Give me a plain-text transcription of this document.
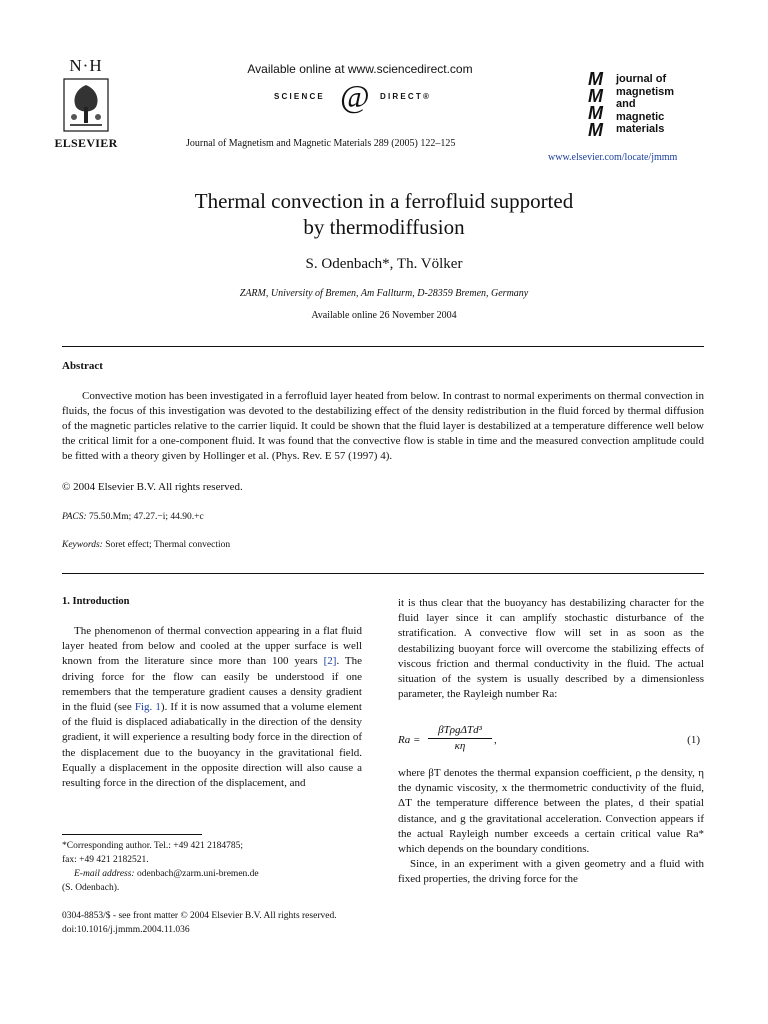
N·H
ELSEVIER
Available online at www.sciencedirect.com
SCIENCE @ DIRECT®
Journal of Magnetism and Magnetic Materials 289 (2005) 122–125
M
M
M
M
journal of
magnetism
and
magnetic
materials
www.elsevier.com/locate/jmmm
Thermal convection in a ferrofluid supported
by thermodiffusion
S. Odenbach*, Th. Völker
ZARM, University of Bremen, Am Fallturm, D-28359 Bremen, Germany
Available online 26 November 2004
Abstract

Convective motion has been investigated in a ferrofluid layer heated from below. In contrast to normal experiments on thermal convection in fluids, the focus of this investigation was devoted to the destabilizing effect of the density redistribution in the fluid forced by thermal diffusion of the magnetic particles relative to the carrier liquid. It could be shown that the fluid layer is destabilized at a temperature difference well below the critical limit for a one-component fluid. It was found that the convective flow is stable in time and the measured convection amplitude could be fitted with a theory given by Hollinger et al. (Phys. Rev. E 57 (1997) 4).

© 2004 Elsevier B.V. All rights reserved.
PACS: 75.50.Mm; 47.27.−i; 44.90.+c
Keywords: Soret effect; Thermal convection
1. Introduction

The phenomenon of thermal convection appearing in a flat fluid layer heated from below and cooled at the upper surface is well known from the literature since more than 100 years [2]. The driving force for the flow can easily be understood if one remembers that the temperature gradient causes a density gradient in the fluid (see Fig. 1). If it is now assumed that a volume element of the fluid is displaced adiabatically in the direction of the density gradient, it will experience a resulting body force in the direction of the displacement due to the buoyancy in the gravitational field. Equally a displacement in the opposite direction will also cause a resulting force in the direction of the displacement, and

it is thus clear that the buoyancy has destabilizing character for the fluid layer since it can amplify stochastic disturbance of the stratification. A convective flow will set in as soon as the destabilizing buoyant force will overcome the stabilizing effects of viscous friction and thermal conductivity in the fluid. The actual situation of the system is usually described by a dimensionless parameter, the Rayleigh number Ra:

Ra =
βTρgΔTd³
κη	,	(1)

where βT denotes the thermal expansion coefficient, ρ the density, η the dynamic viscosity, x the thermometric conductivity of the fluid, ΔT the temperature difference between the plates, d their spatial distance, and g the gravitational acceleration. Convection appears if the actual Rayleigh number exceeds a certain critical value Ra* which depends on the boundary conditions.

Since, in an experiment with a given geometry and a fluid with fixed properties, the driving force for the

*Corresponding author. Tel.: +49 421 2184785;
fax: +49 421 2182521.
E-mail address: odenbach@zarm.uni-bremen.de
(S. Odenbach).
0304-8853/$ - see front matter © 2004 Elsevier B.V. All rights reserved.
doi:10.1016/j.jmmm.2004.11.036
